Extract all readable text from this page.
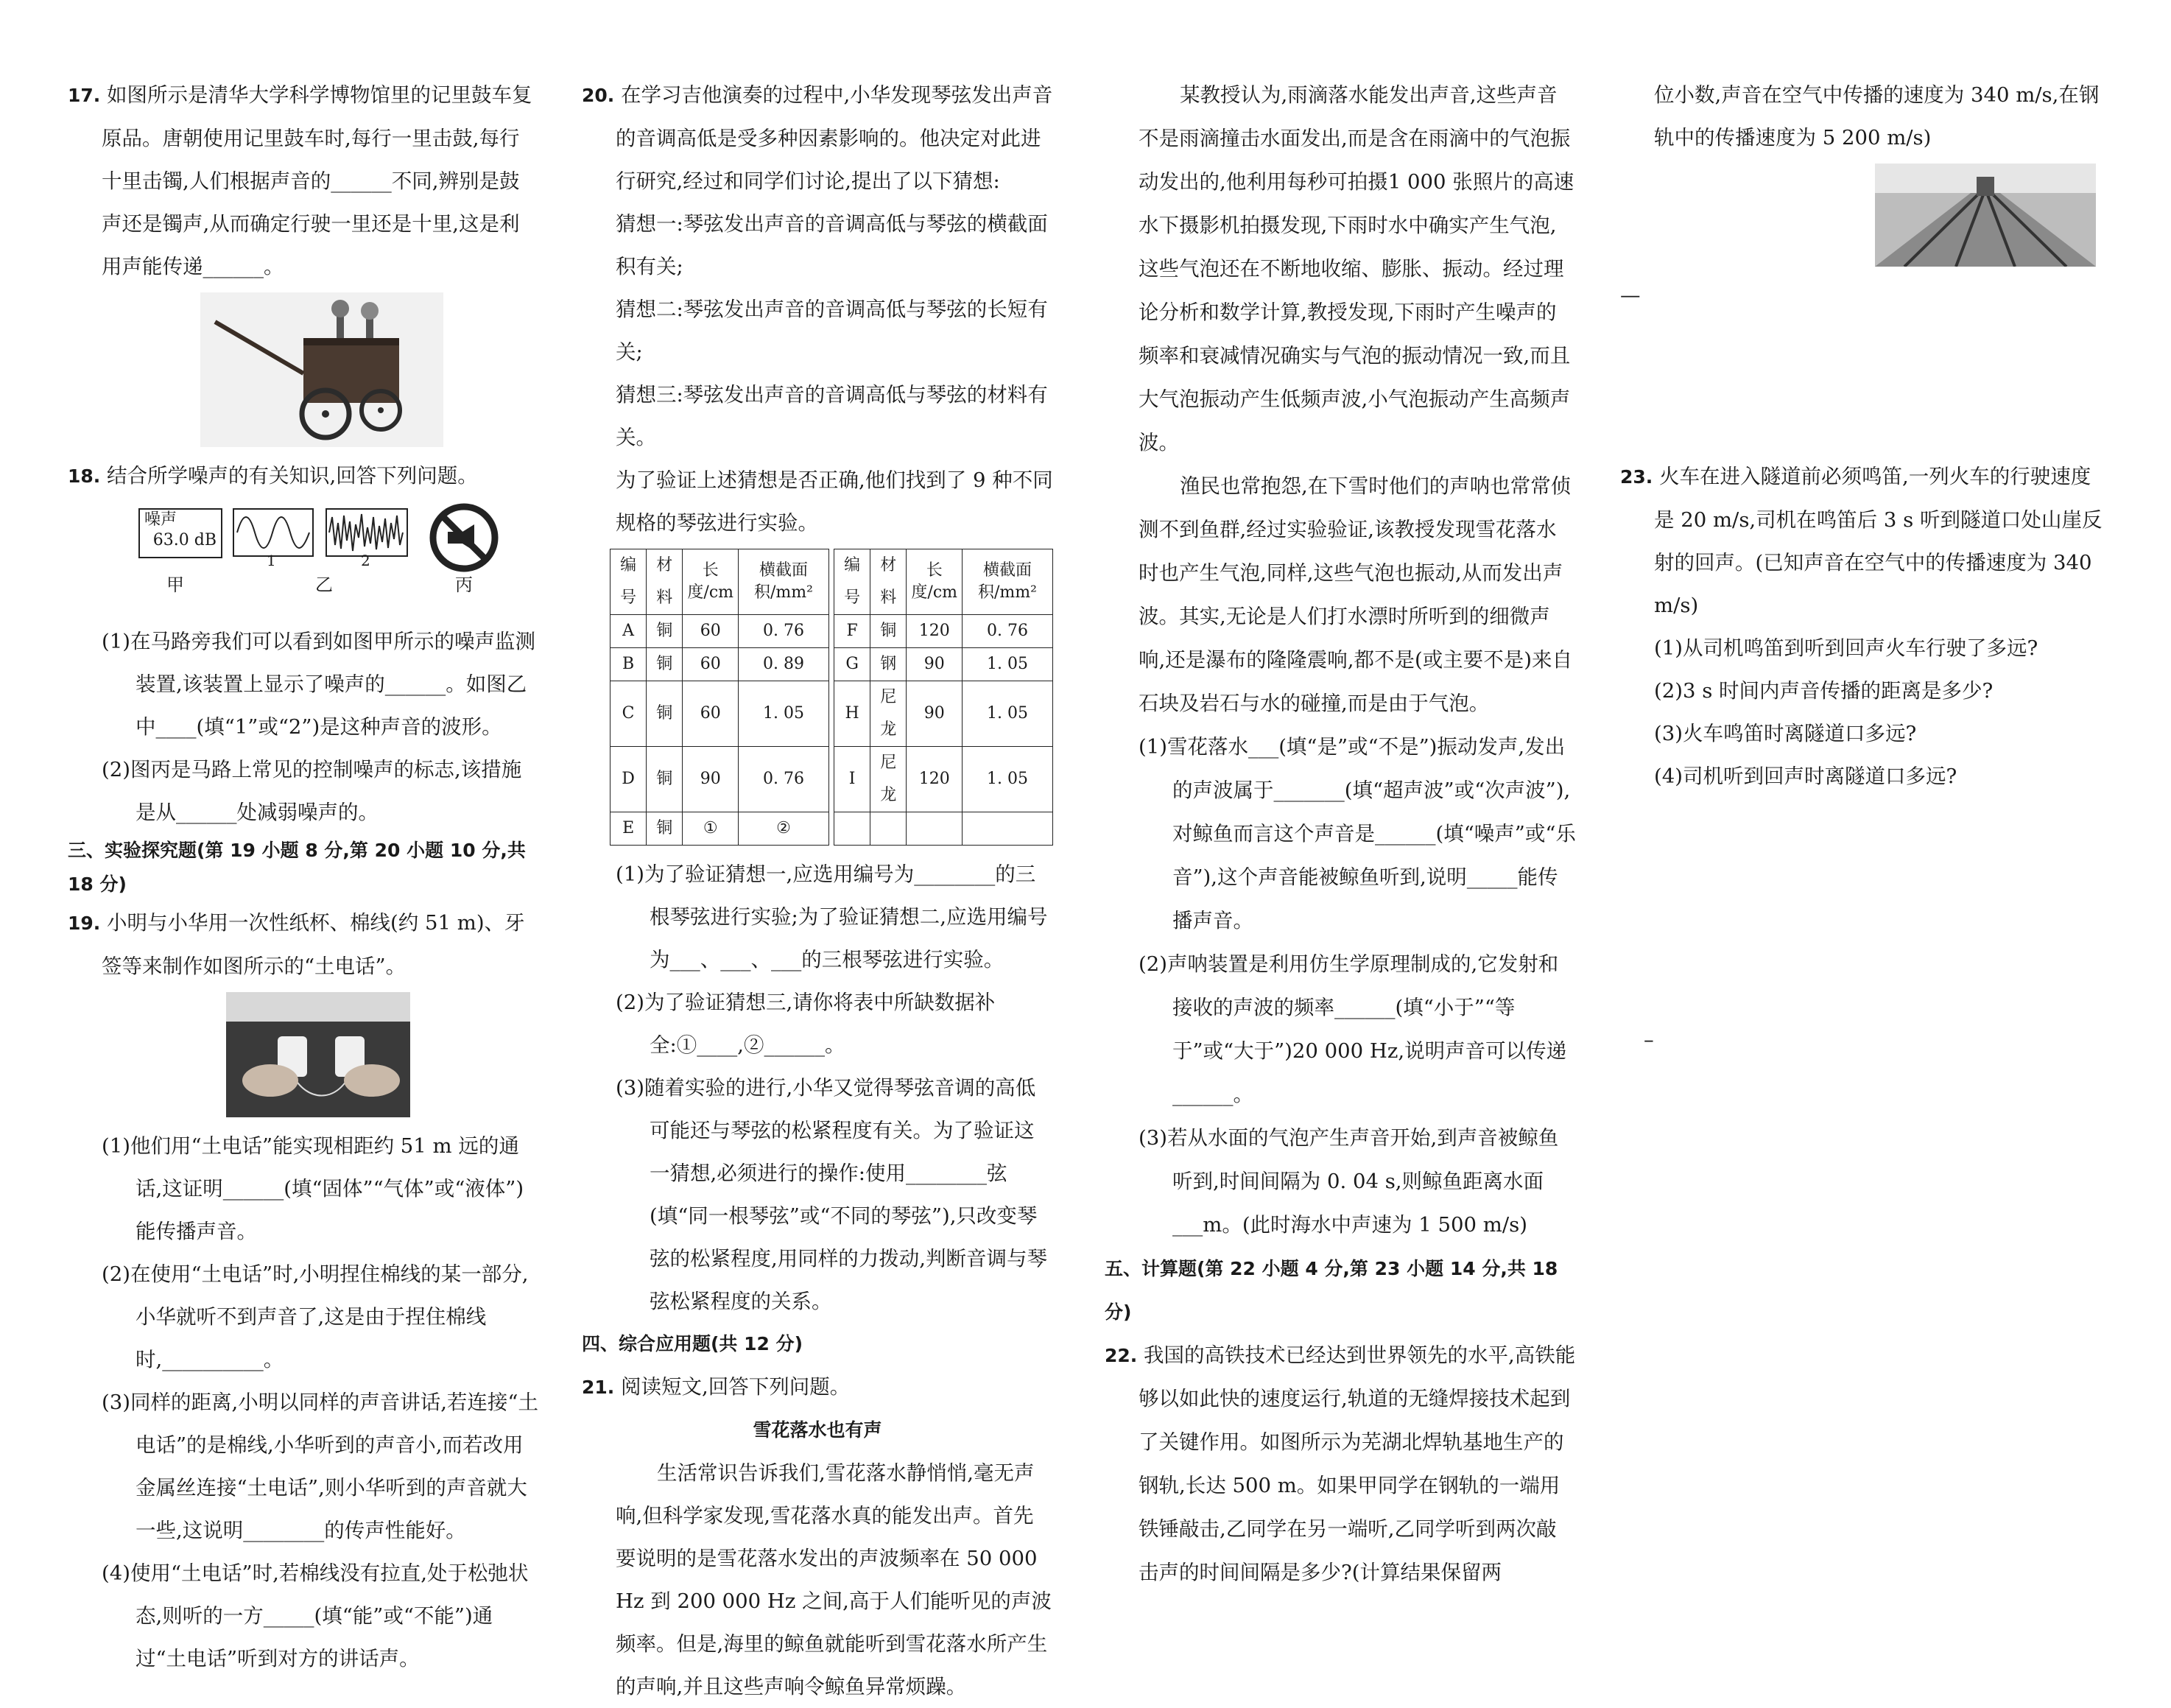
17. 如图所示是清华大学科学博物馆里的记里鼓车复原品。唐朝使用记里鼓车时,每行一里击鼓,每行十里击镯,人们根据声音的______不同,辨别是鼓声还是镯声,从而确定行驶一里还是十里,这是利用声能传递______。

18. 结合所学噪声的有关知识,回答下列问题。

噪声
63.0 dB
1	2
甲	乙	丙

(1)在马路旁我们可以看到如图甲所示的噪声监测装置,该装置上显示了噪声的______。如图乙中____(填“1”或“2”)是这种声音的波形。

(2)图丙是马路上常见的控制噪声的标志,该措施是从______处减弱噪声的。

三、实验探究题(第 19 小题 8 分,第 20 小题 10 分,共 18 分)

19. 小明与小华用一次性纸杯、棉线(约 51 m)、牙签等来制作如图所示的“土电话”。

(1)他们用“土电话”能实现相距约 51 m 远的通话,这证明______(填“固体”“气体”或“液体”)能传播声音。

(2)在使用“土电话”时,小明捏住棉线的某一部分,小华就听不到声音了,这是由于捏住棉线时,__________。

(3)同样的距离,小明以同样的声音讲话,若连接“土电话”的是棉线,小华听到的声音小,而若改用金属丝连接“土电话”,则小华听到的声音就大一些,这说明________的传声性能好。

(4)使用“土电话”时,若棉线没有拉直,处于松弛状态,则听的一方_____(填“能”或“不能”)通过“土电话”听到对方的讲话声。

20. 在学习吉他演奏的过程中,小华发现琴弦发出声音的音调高低是受多种因素影响的。他决定对此进行研究,经过和同学们讨论,提出了以下猜想:

猜想一:琴弦发出声音的音调高低与琴弦的横截面积有关;

猜想二:琴弦发出声音的音调高低与琴弦的长短有关;

猜想三:琴弦发出声音的音调高低与琴弦的材料有关。

为了验证上述猜想是否正确,他们找到了 9 种不同规格的琴弦进行实验。

编号	材料	长度/cm	横截面积/mm²		编号	材料	长度/cm	横截面积/mm²
A	铜	60	0. 76		F	铜	120	0. 76
B	铜	60	0. 89		G	钢	90	1. 05
C	铜	60	1. 05		H	尼龙	90	1. 05
D	铜	90	0. 76		I	尼龙	120	1. 05
E	铜	①	②					

(1)为了验证猜想一,应选用编号为________的三根琴弦进行实验;为了验证猜想二,应选用编号为___、___、___的三根琴弦进行实验。

(2)为了验证猜想三,请你将表中所缺数据补全:①____,②______。

(3)随着实验的进行,小华又觉得琴弦音调的高低可能还与琴弦的松紧程度有关。为了验证这一猜想,必须进行的操作:使用________弦(填“同一根琴弦”或“不同的琴弦”),只改变琴弦的松紧程度,用同样的力拨动,判断音调与琴弦松紧程度的关系。

四、综合应用题(共 12 分)

21. 阅读短文,回答下列问题。

雪花落水也有声

生活常识告诉我们,雪花落水静悄悄,毫无声响,但科学家发现,雪花落水真的能发出声。首先要说明的是雪花落水发出的声波频率在 50 000 Hz 到 200 000 Hz 之间,高于人们能听见的声波频率。但是,海里的鲸鱼就能听到雪花落水所产生的声响,并且这些声响令鲸鱼异常烦躁。

某教授认为,雨滴落水能发出声音,这些声音不是雨滴撞击水面发出,而是含在雨滴中的气泡振动发出的,他利用每秒可拍摄1 000 张照片的高速水下摄影机拍摄发现,下雨时水中确实产生气泡,这些气泡还在不断地收缩、膨胀、振动。经过理论分析和数学计算,教授发现,下雨时产生噪声的频率和衰减情况确实与气泡的振动情况一致,而且大气泡振动产生低频声波,小气泡振动产生高频声波。

渔民也常抱怨,在下雪时他们的声呐也常常侦测不到鱼群,经过实验验证,该教授发现雪花落水时也产生气泡,同样,这些气泡也振动,从而发出声波。其实,无论是人们打水漂时所听到的细微声响,还是瀑布的隆隆震响,都不是(或主要不是)来自石块及岩石与水的碰撞,而是由于气泡。

(1)雪花落水___(填“是”或“不是”)振动发声,发出的声波属于_______(填“超声波”或“次声波”),对鲸鱼而言这个声音是______(填“噪声”或“乐音”),这个声音能被鲸鱼听到,说明_____能传播声音。

(2)声呐装置是利用仿生学原理制成的,它发射和接收的声波的频率______(填“小于”“等于”或“大于”)20 000 Hz,说明声音可以传递______。

(3)若从水面的气泡产生声音开始,到声音被鲸鱼听到,时间间隔为 0. 04 s,则鲸鱼距离水面___m。(此时海水中声速为 1 500 m/s)

五、计算题(第 22 小题 4 分,第 23 小题 14 分,共 18 分)

22. 我国的高铁技术已经达到世界领先的水平,高铁能够以如此快的速度运行,轨道的无缝焊接技术起到了关键作用。如图所示为芜湖北焊轨基地生产的钢轨,长达 500 m。如果甲同学在钢轨的一端用铁锤敲击,乙同学在另一端听,乙同学听到两次敲击声的时间间隔是多少?(计算结果保留两

位小数,声音在空气中传播的速度为 340 m/s,在钢轨中的传播速度为 5 200 m/s)

—

23. 火车在进入隧道前必须鸣笛,一列火车的行驶速度是 20 m/s,司机在鸣笛后 3 s 听到隧道口处山崖反射的回声。(已知声音在空气中的传播速度为 340 m/s)

(1)从司机鸣笛到听到回声火车行驶了多远?

(2)3 s 时间内声音传播的距离是多少?

(3)火车鸣笛时离隧道口多远?

(4)司机听到回声时离隧道口多远?

–
